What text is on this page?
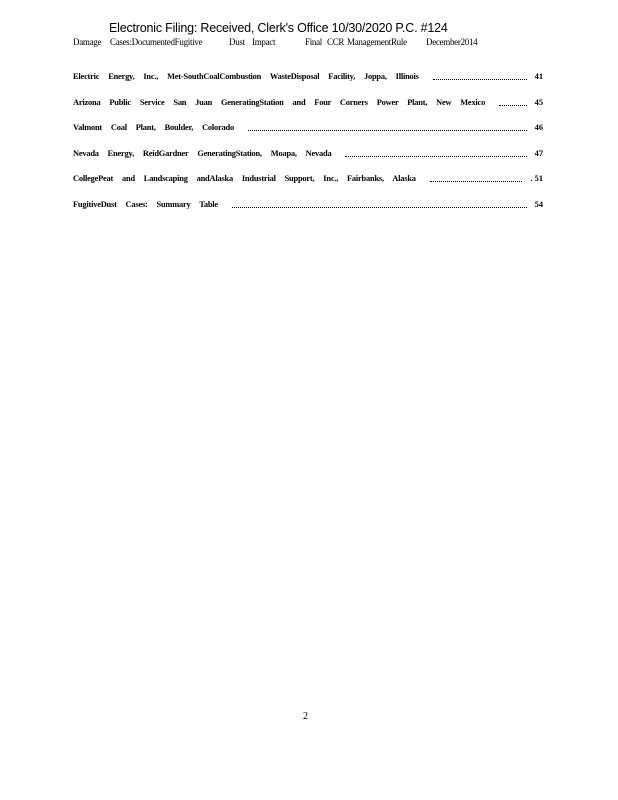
Electronic Filing: Received, Clerk's Office 10/30/2020 P.C. #124
Damage Cases:DocumentedFugitive	Dust Impact	Final CCR ManagementRule December2014
Electric Energy, Inc., Met-SouthCoalCombustion WasteDisposal Facility, Joppa, Illinois	41
Arizona Public Service San Juan GeneratingStation and Four Corners Power Plant, New Mexico	45
Valmont Coal Plant, Boulder, Colorado	46
Nevada Energy, ReidGardner GeneratingStation, Moapa, Nevada	47
CollegePeat and Landscaping andAlaska Industrial Support, Inc., Fairbanks, Alaska	. 51
FugitiveDust Cases: Summary Table	54
2
